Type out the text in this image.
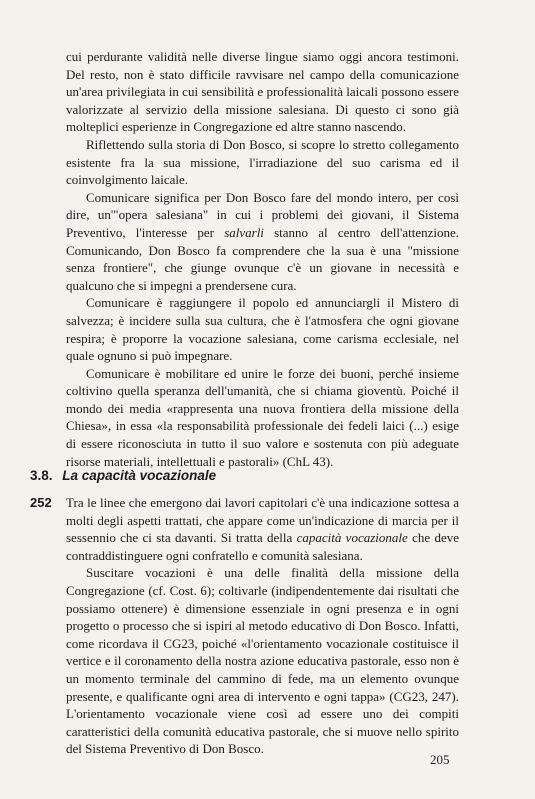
cui perdurante validità nelle diverse lingue siamo oggi ancora testimoni. Del resto, non è stato difficile ravvisare nel campo della comunicazione un'area privilegiata in cui sensibilità e professionalità laicali possono essere valorizzate al servizio della missione salesiana. Di questo ci sono già molteplici esperienze in Congregazione ed altre stanno nascendo.

Riflettendo sulla storia di Don Bosco, si scopre lo stretto collegamento esistente fra la sua missione, l'irradiazione del suo carisma ed il coinvolgimento laicale.

Comunicare significa per Don Bosco fare del mondo intero, per così dire, un'"opera salesiana" in cui i problemi dei giovani, il Sistema Preventivo, l'interesse per salvarli stanno al centro dell'attenzione. Comunicando, Don Bosco fa comprendere che la sua è una "missione senza frontiere", che giunge ovunque c'è un giovane in necessità e qualcuno che si impegni a prendersene cura.

Comunicare è raggiungere il popolo ed annunciargli il Mistero di salvezza; è incidere sulla sua cultura, che è l'atmosfera che ogni giovane respira; è proporre la vocazione salesiana, come carisma ecclesiale, nel quale ognuno si può impegnare.

Comunicare è mobilitare ed unire le forze dei buoni, perché insieme coltivino quella speranza dell'umanità, che si chiama gioventù. Poiché il mondo dei media «rappresenta una nuova frontiera della missione della Chiesa», in essa «la responsabilità professionale dei fedeli laici (...) esige di essere riconosciuta in tutto il suo valore e sostenuta con più adeguate risorse materiali, intellettuali e pastorali» (ChL 43).

3.8. La capacità vocazionale
252 Tra le linee che emergono dai lavori capitolari c'è una indicazione sottesa a molti degli aspetti trattati, che appare come un'indicazione di marcia per il sessennio che ci sta davanti. Si tratta della capacità vocazionale che deve contraddistinguere ogni confratello e comunità salesiana.

Suscitare vocazioni è una delle finalità della missione della Congregazione (cf. Cost. 6); coltivarle (indipendentemente dai risultati che possiamo ottenere) è dimensione essenziale in ogni presenza e in ogni progetto o processo che si ispiri al metodo educativo di Don Bosco. Infatti, come ricordava il CG23, poiché «l'orientamento vocazionale costituisce il vertice e il coronamento della nostra azione educativa pastorale, esso non è un momento terminale del cammino di fede, ma un elemento ovunque presente, e qualificante ogni area di intervento e ogni tappa» (CG23, 247). L'orientamento vocazionale viene così ad essere uno dei compiti caratteristici della comunità educativa pastorale, che si muove nello spirito del Sistema Preventivo di Don Bosco.

205
